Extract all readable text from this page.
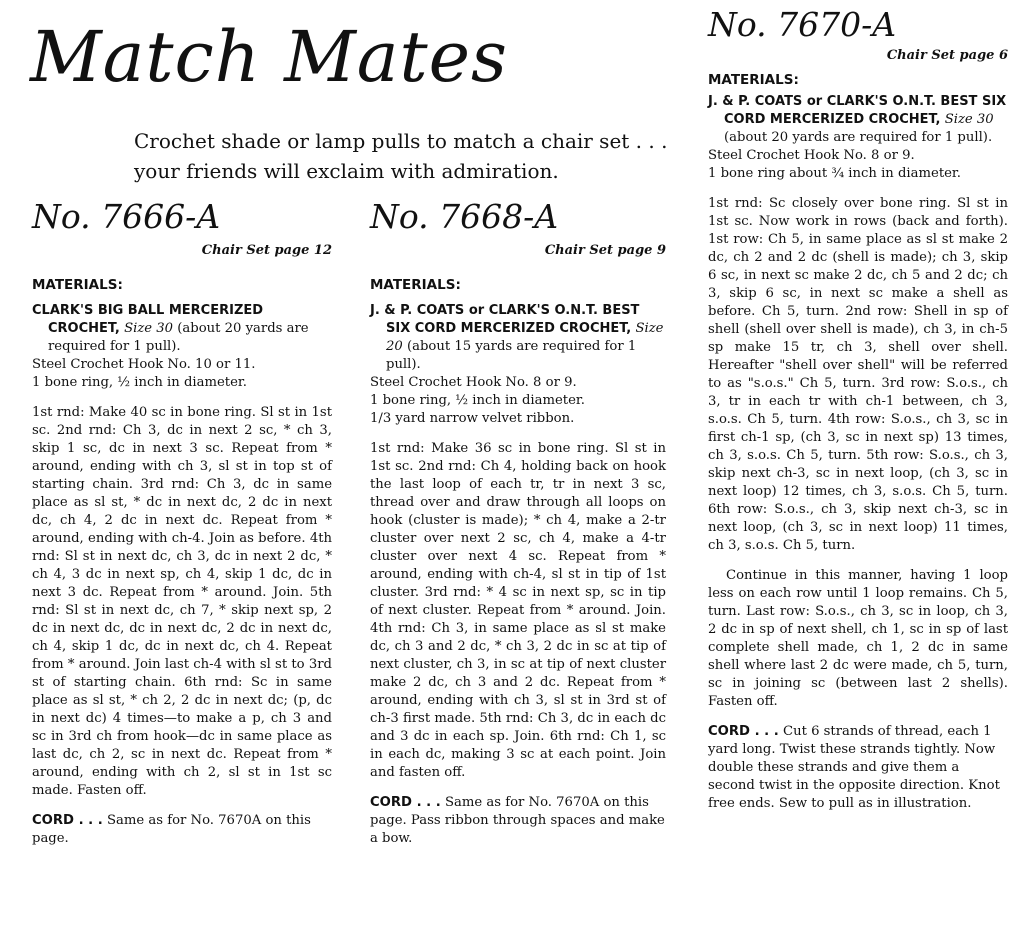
Match Mates
Crochet shade or lamp pulls to match a chair set . . . your friends will exclaim with admiration.
No. 7666-A
Chair Set page 12
MATERIALS:
CLARK'S BIG BALL MERCERIZED CROCHET, Size 30 (about 20 yards are required for 1 pull).

Steel Crochet Hook No. 10 or 11.

1 bone ring, ½ inch in diameter.

1st rnd: Make 40 sc in bone ring. Sl st in 1st sc. 2nd rnd: Ch 3, dc in next 2 sc, * ch 3, skip 1 sc, dc in next 3 sc. Repeat from * around, ending with ch 3, sl st in top st of starting chain. 3rd rnd: Ch 3, dc in same place as sl st, * dc in next dc, 2 dc in next dc, ch 4, 2 dc in next dc. Repeat from * around, ending with ch-4. Join as before. 4th rnd: Sl st in next dc, ch 3, dc in next 2 dc, * ch 4, 3 dc in next sp, ch 4, skip 1 dc, dc in next 3 dc. Repeat from * around. Join. 5th rnd: Sl st in next dc, ch 7, * skip next sp, 2 dc in next dc, dc in next dc, 2 dc in next dc, ch 4, skip 1 dc, dc in next dc, ch 4. Repeat from * around. Join last ch-4 with sl st to 3rd st of starting chain. 6th rnd: Sc in same place as sl st, * ch 2, 2 dc in next dc; (p, dc in next dc) 4 times—to make a p, ch 3 and sc in 3rd ch from hook—dc in same place as last dc, ch 2, sc in next dc. Repeat from * around, ending with ch 2, sl st in 1st sc made. Fasten off.

CORD . . . Same as for No. 7670A on this page.
No. 7668-A
Chair Set page 9
MATERIALS:
J. & P. COATS or CLARK'S O.N.T. BEST SIX CORD MERCERIZED CROCHET, Size 20 (about 15 yards are required for 1 pull).

Steel Crochet Hook No. 8 or 9.

1 bone ring, ½ inch in diameter.

1/3 yard narrow velvet ribbon.

1st rnd: Make 36 sc in bone ring. Sl st in 1st sc. 2nd rnd: Ch 4, holding back on hook the last loop of each tr, tr in next 3 sc, thread over and draw through all loops on hook (cluster is made); * ch 4, make a 2-tr cluster over next 2 sc, ch 4, make a 4-tr cluster over next 4 sc. Repeat from * around, ending with ch-4, sl st in tip of 1st cluster. 3rd rnd: * 4 sc in next sp, sc in tip of next cluster. Repeat from * around. Join. 4th rnd: Ch 3, in same place as sl st make dc, ch 3 and 2 dc, * ch 3, 2 dc in sc at tip of next cluster, ch 3, in sc at tip of next cluster make 2 dc, ch 3 and 2 dc. Repeat from * around, ending with ch 3, sl st in 3rd st of ch-3 first made. 5th rnd: Ch 3, dc in each dc and 3 dc in each sp. Join. 6th rnd: Ch 1, sc in each dc, making 3 sc at each point. Join and fasten off.

CORD . . . Same as for No. 7670A on this page. Pass ribbon through spaces and make a bow.
No. 7670-A
Chair Set page 6
MATERIALS:
J. & P. COATS or CLARK'S O.N.T. BEST SIX CORD MERCERIZED CROCHET, Size 30 (about 20 yards are required for 1 pull).

Steel Crochet Hook No. 8 or 9.

1 bone ring about ¾ inch in diameter.

1st rnd: Sc closely over bone ring. Sl st in 1st sc. Now work in rows (back and forth). 1st row: Ch 5, in same place as sl st make 2 dc, ch 2 and 2 dc (shell is made); ch 3, skip 6 sc, in next sc make 2 dc, ch 5 and 2 dc; ch 3, skip 6 sc, in next sc make a shell as before. Ch 5, turn. 2nd row: Shell in sp of shell (shell over shell is made), ch 3, in ch-5 sp make 15 tr, ch 3, shell over shell. Hereafter "shell over shell" will be referred to as "s.o.s." Ch 5, turn. 3rd row: S.o.s., ch 3, tr in each tr with ch-1 between, ch 3, s.o.s. Ch 5, turn. 4th row: S.o.s., ch 3, sc in first ch-1 sp, (ch 3, sc in next sp) 13 times, ch 3, s.o.s. Ch 5, turn. 5th row: S.o.s., ch 3, skip next ch-3, sc in next loop, (ch 3, sc in next loop) 12 times, ch 3, s.o.s. Ch 5, turn. 6th row: S.o.s., ch 3, skip next ch-3, sc in next loop, (ch 3, sc in next loop) 11 times, ch 3, s.o.s. Ch 5, turn.

Continue in this manner, having 1 loop less on each row until 1 loop remains. Ch 5, turn. Last row: S.o.s., ch 3, sc in loop, ch 3, 2 dc in sp of next shell, ch 1, sc in sp of last complete shell made, ch 1, 2 dc in same shell where last 2 dc were made, ch 5, turn, sc in joining sc (between last 2 shells). Fasten off.

CORD . . . Cut 6 strands of thread, each 1 yard long. Twist these strands tightly. Now double these strands and give them a second twist in the opposite direction. Knot free ends. Sew to pull as in illustration.
